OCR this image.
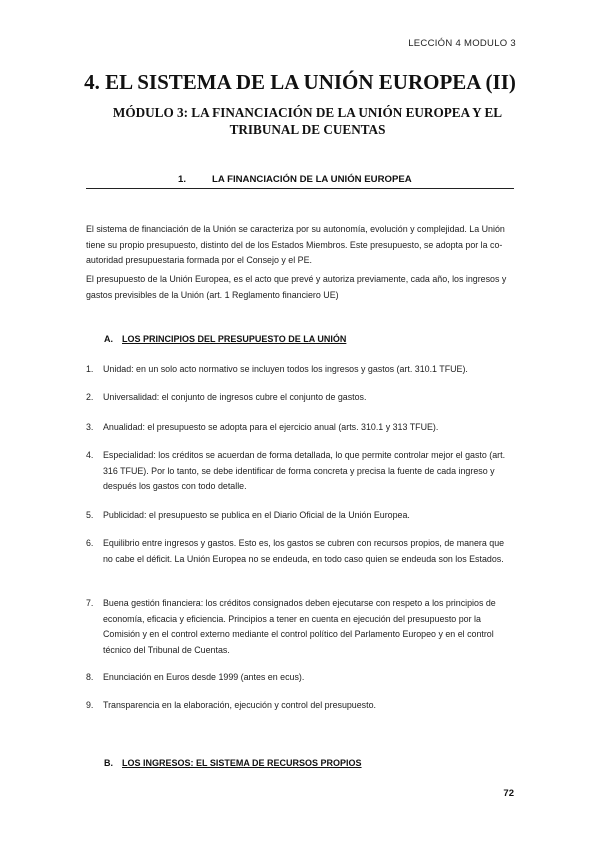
LECCIÓN 4 MODULO 3
4. EL SISTEMA DE LA UNIÓN EUROPEA (II)
MÓDULO 3: LA FINANCIACIÓN DE LA UNIÓN EUROPEA Y EL TRIBUNAL DE CUENTAS
1.	LA FINANCIACIÓN DE LA UNIÓN EUROPEA
El sistema de financiación de la Unión se caracteriza por su autonomía, evolución y complejidad. La Unión tiene su propio presupuesto, distinto del de los Estados Miembros. Este presupuesto, se adopta por la co-autoridad presupuestaria formada por el Consejo y el PE.
El presupuesto de la Unión Europea, es el acto que prevé y autoriza previamente, cada año, los ingresos y gastos previsibles de la Unión (art. 1 Reglamento financiero UE)
A. LOS PRINCIPIOS DEL PRESUPUESTO DE LA UNIÓN
1. Unidad: en un solo acto normativo se incluyen todos los ingresos y gastos (art. 310.1 TFUE).
2. Universalidad: el conjunto de ingresos cubre el conjunto de gastos.
3. Anualidad: el presupuesto se adopta para el ejercicio anual (arts. 310.1 y 313 TFUE).
4. Especialidad: los créditos se acuerdan de forma detallada, lo que permite controlar mejor el gasto (art. 316 TFUE). Por lo tanto, se debe identificar de forma concreta y precisa la fuente de cada ingreso y después los gastos con todo detalle.
5. Publicidad: el presupuesto se publica en el Diario Oficial de la Unión Europea.
6. Equilibrio entre ingresos y gastos. Esto es, los gastos se cubren con recursos propios, de manera que no cabe el déficit. La Unión Europea no se endeuda, en todo caso quien se endeuda son los Estados.
7. Buena gestión financiera: los créditos consignados deben ejecutarse con respeto a los principios de economía, eficacia y eficiencia. Principios a tener en cuenta en ejecución del presupuesto por la Comisión y en el control externo mediante el control político del Parlamento Europeo y en el control técnico del Tribunal de Cuentas.
8. Enunciación en Euros desde 1999 (antes en ecus).
9. Transparencia en la elaboración, ejecución y control del presupuesto.
B. LOS INGRESOS: EL SISTEMA DE RECURSOS PROPIOS
72
